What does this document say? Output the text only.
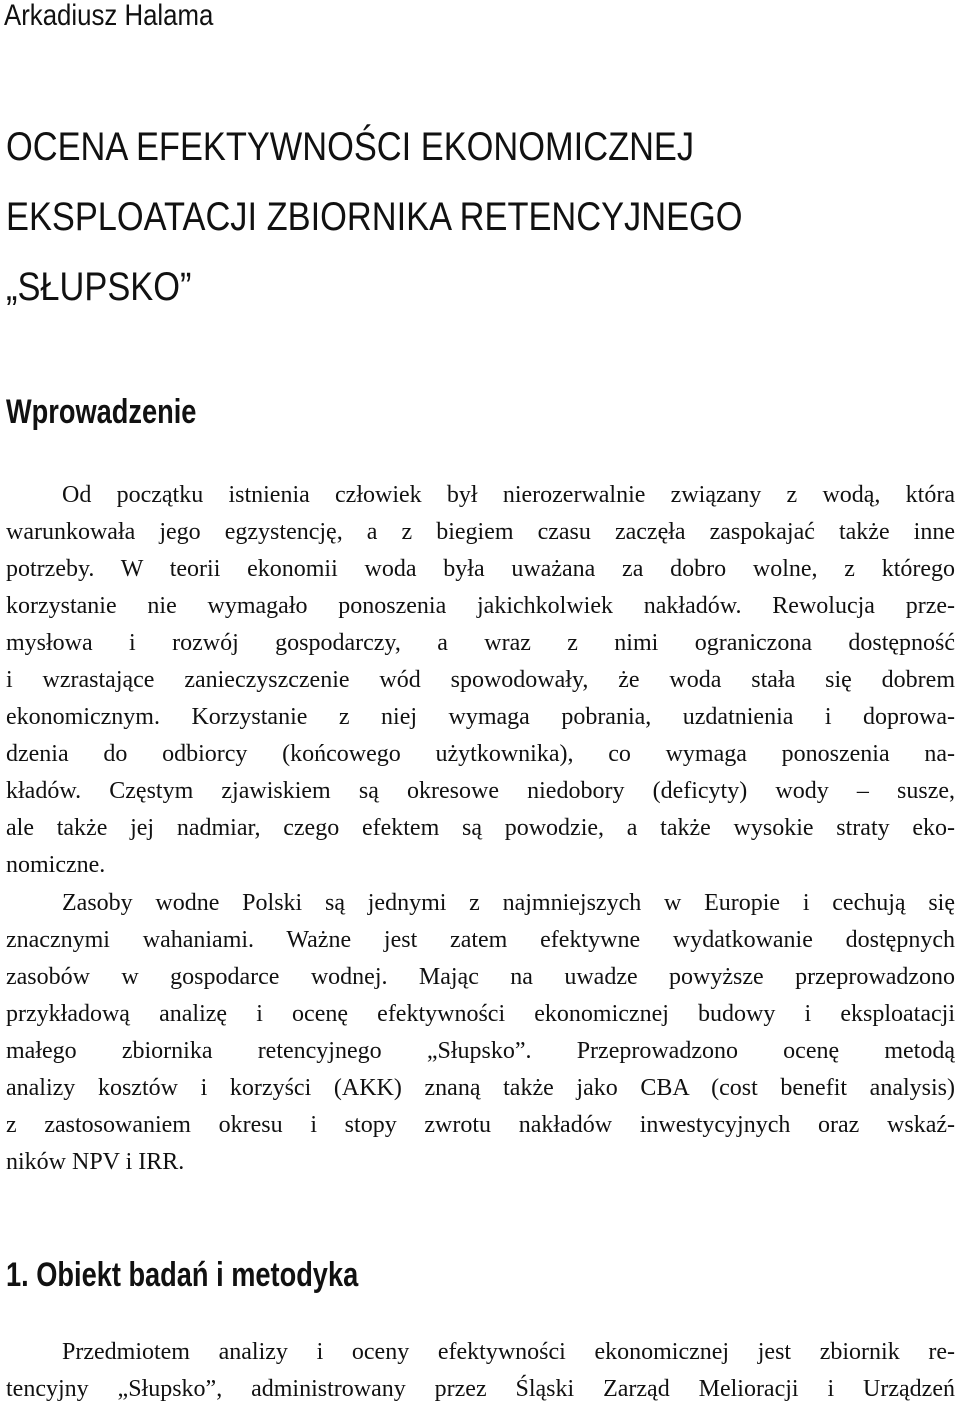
Arkadiusz Halama
OCENA EFEKTYWNOŚCI EKONOMICZNEJ
EKSPLOATACJI ZBIORNIKA RETENCYJNEGO
„SŁUPSKO”
Wprowadzenie
Od początku istnienia człowiek był nierozerwalnie związany z wodą, która
warunkowała jego egzystencję, a z biegiem czasu zaczęła zaspokajać także inne
potrzeby. W teorii ekonomii woda była uważana za dobro wolne, z którego
korzystanie nie wymagało ponoszenia jakichkolwiek nakładów. Rewolucja prze-
mysłowa i rozwój gospodarczy, a wraz z nimi ograniczona dostępność
i wzrastające zanieczyszczenie wód spowodowały, że woda stała się dobrem
ekonomicznym. Korzystanie z niej wymaga pobrania, uzdatnienia i doprowa-
dzenia do odbiorcy (końcowego użytkownika), co wymaga ponoszenia na-
kładów. Częstym zjawiskiem są okresowe niedobory (deficyty) wody – susze,
ale także jej nadmiar, czego efektem są powodzie, a także wysokie straty eko-
nomiczne.
Zasoby wodne Polski są jednymi z najmniejszych w Europie i cechują się
znacznymi wahaniami. Ważne jest zatem efektywne wydatkowanie dostępnych
zasobów w gospodarce wodnej. Mając na uwadze powyższe przeprowadzono
przykładową analizę i ocenę efektywności ekonomicznej budowy i eksploatacji
małego zbiornika retencyjnego „Słupsko”. Przeprowadzono ocenę metodą
analizy kosztów i korzyści (AKK) znaną także jako CBA (cost benefit analysis)
z zastosowaniem okresu i stopy zwrotu nakładów inwestycyjnych oraz wskaź-
ników NPV i IRR.
1. Obiekt badań i metodyka
Przedmiotem analizy i oceny efektywności ekonomicznej jest zbiornik re-
tencyjny „Słupsko”, administrowany przez Śląski Zarząd Melioracji i Urządzeń
